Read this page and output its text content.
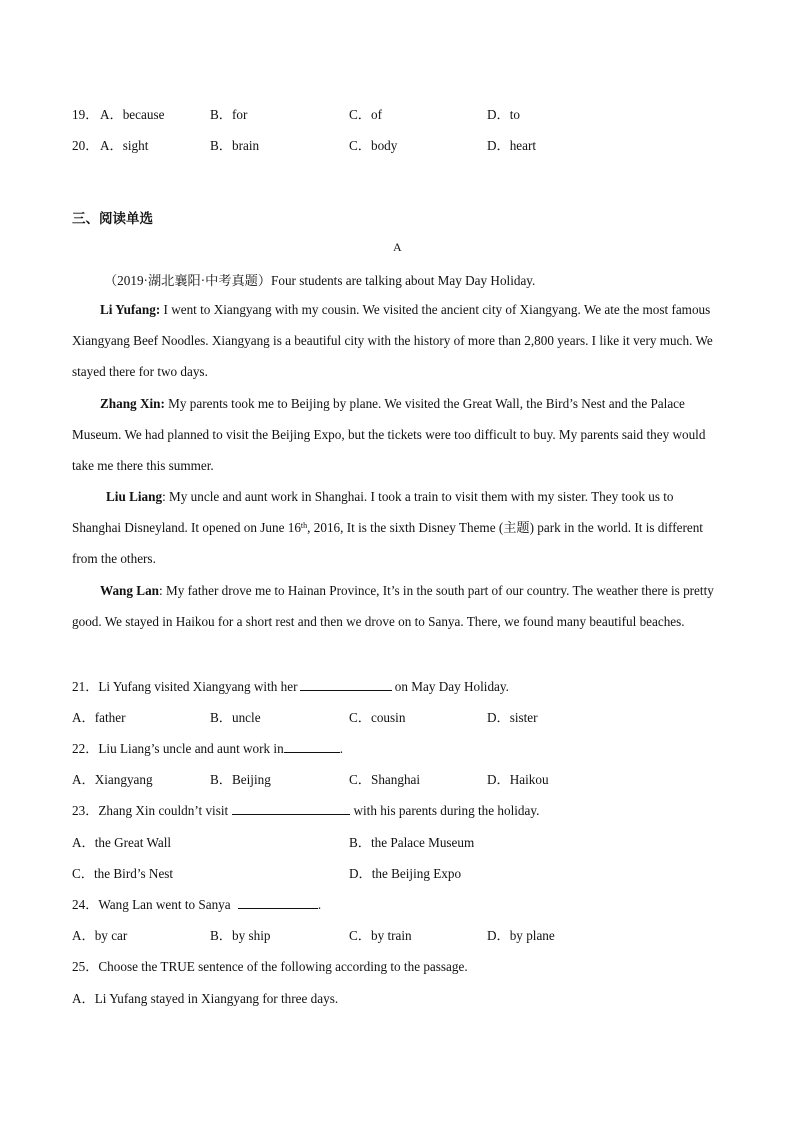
19． A．because	B．for	C．of	D．to
20． A．sight	B．brain	C．body	D．heart
三、阅读单选
A
（2019·湖北襄阳·中考真题）Four students are talking about May Day Holiday.
Li Yufang: I went to Xiangyang with my cousin. We visited the ancient city of Xiangyang. We ate the most famous Xiangyang Beef Noodles. Xiangyang is a beautiful city with the history of more than 2,800 years. I like it very much. We stayed there for two days.
Zhang Xin: My parents took me to Beijing by plane. We visited the Great Wall, the Bird’s Nest and the Palace Museum. We had planned to visit the Beijing Expo, but the tickets were too difficult to buy. My parents said they would take me there this summer.
Liu Liang: My uncle and aunt work in Shanghai. I took a train to visit them with my sister. They took us to Shanghai Disneyland. It opened on June 16th, 2016, It is the sixth Disney Theme (主题) park in the world. It is different from the others.
Wang Lan: My father drove me to Hainan Province, It’s in the south part of our country. The weather there is pretty good. We stayed in Haikou for a short rest and then we drove on to Sanya. There, we found many beautiful beaches.
21．Li Yufang visited Xiangyang with her	on May Day Holiday.
A．father	B．uncle	C．cousin	D．sister
22．Liu Liang’s uncle and aunt work in	.
A．Xiangyang	B．Beijing	C．Shanghai	D．Haikou
23．Zhang Xin couldn’t visit	with his parents during the holiday.
A．the Great Wall	B．the Palace Museum
C．the Bird’s Nest	D．the Beijing Expo
24．Wang Lan went to Sanya	.
A．by car	B．by ship	C．by train	D．by plane
25．Choose the TRUE sentence of the following according to the passage.
A．Li Yufang stayed in Xiangyang for three days.
